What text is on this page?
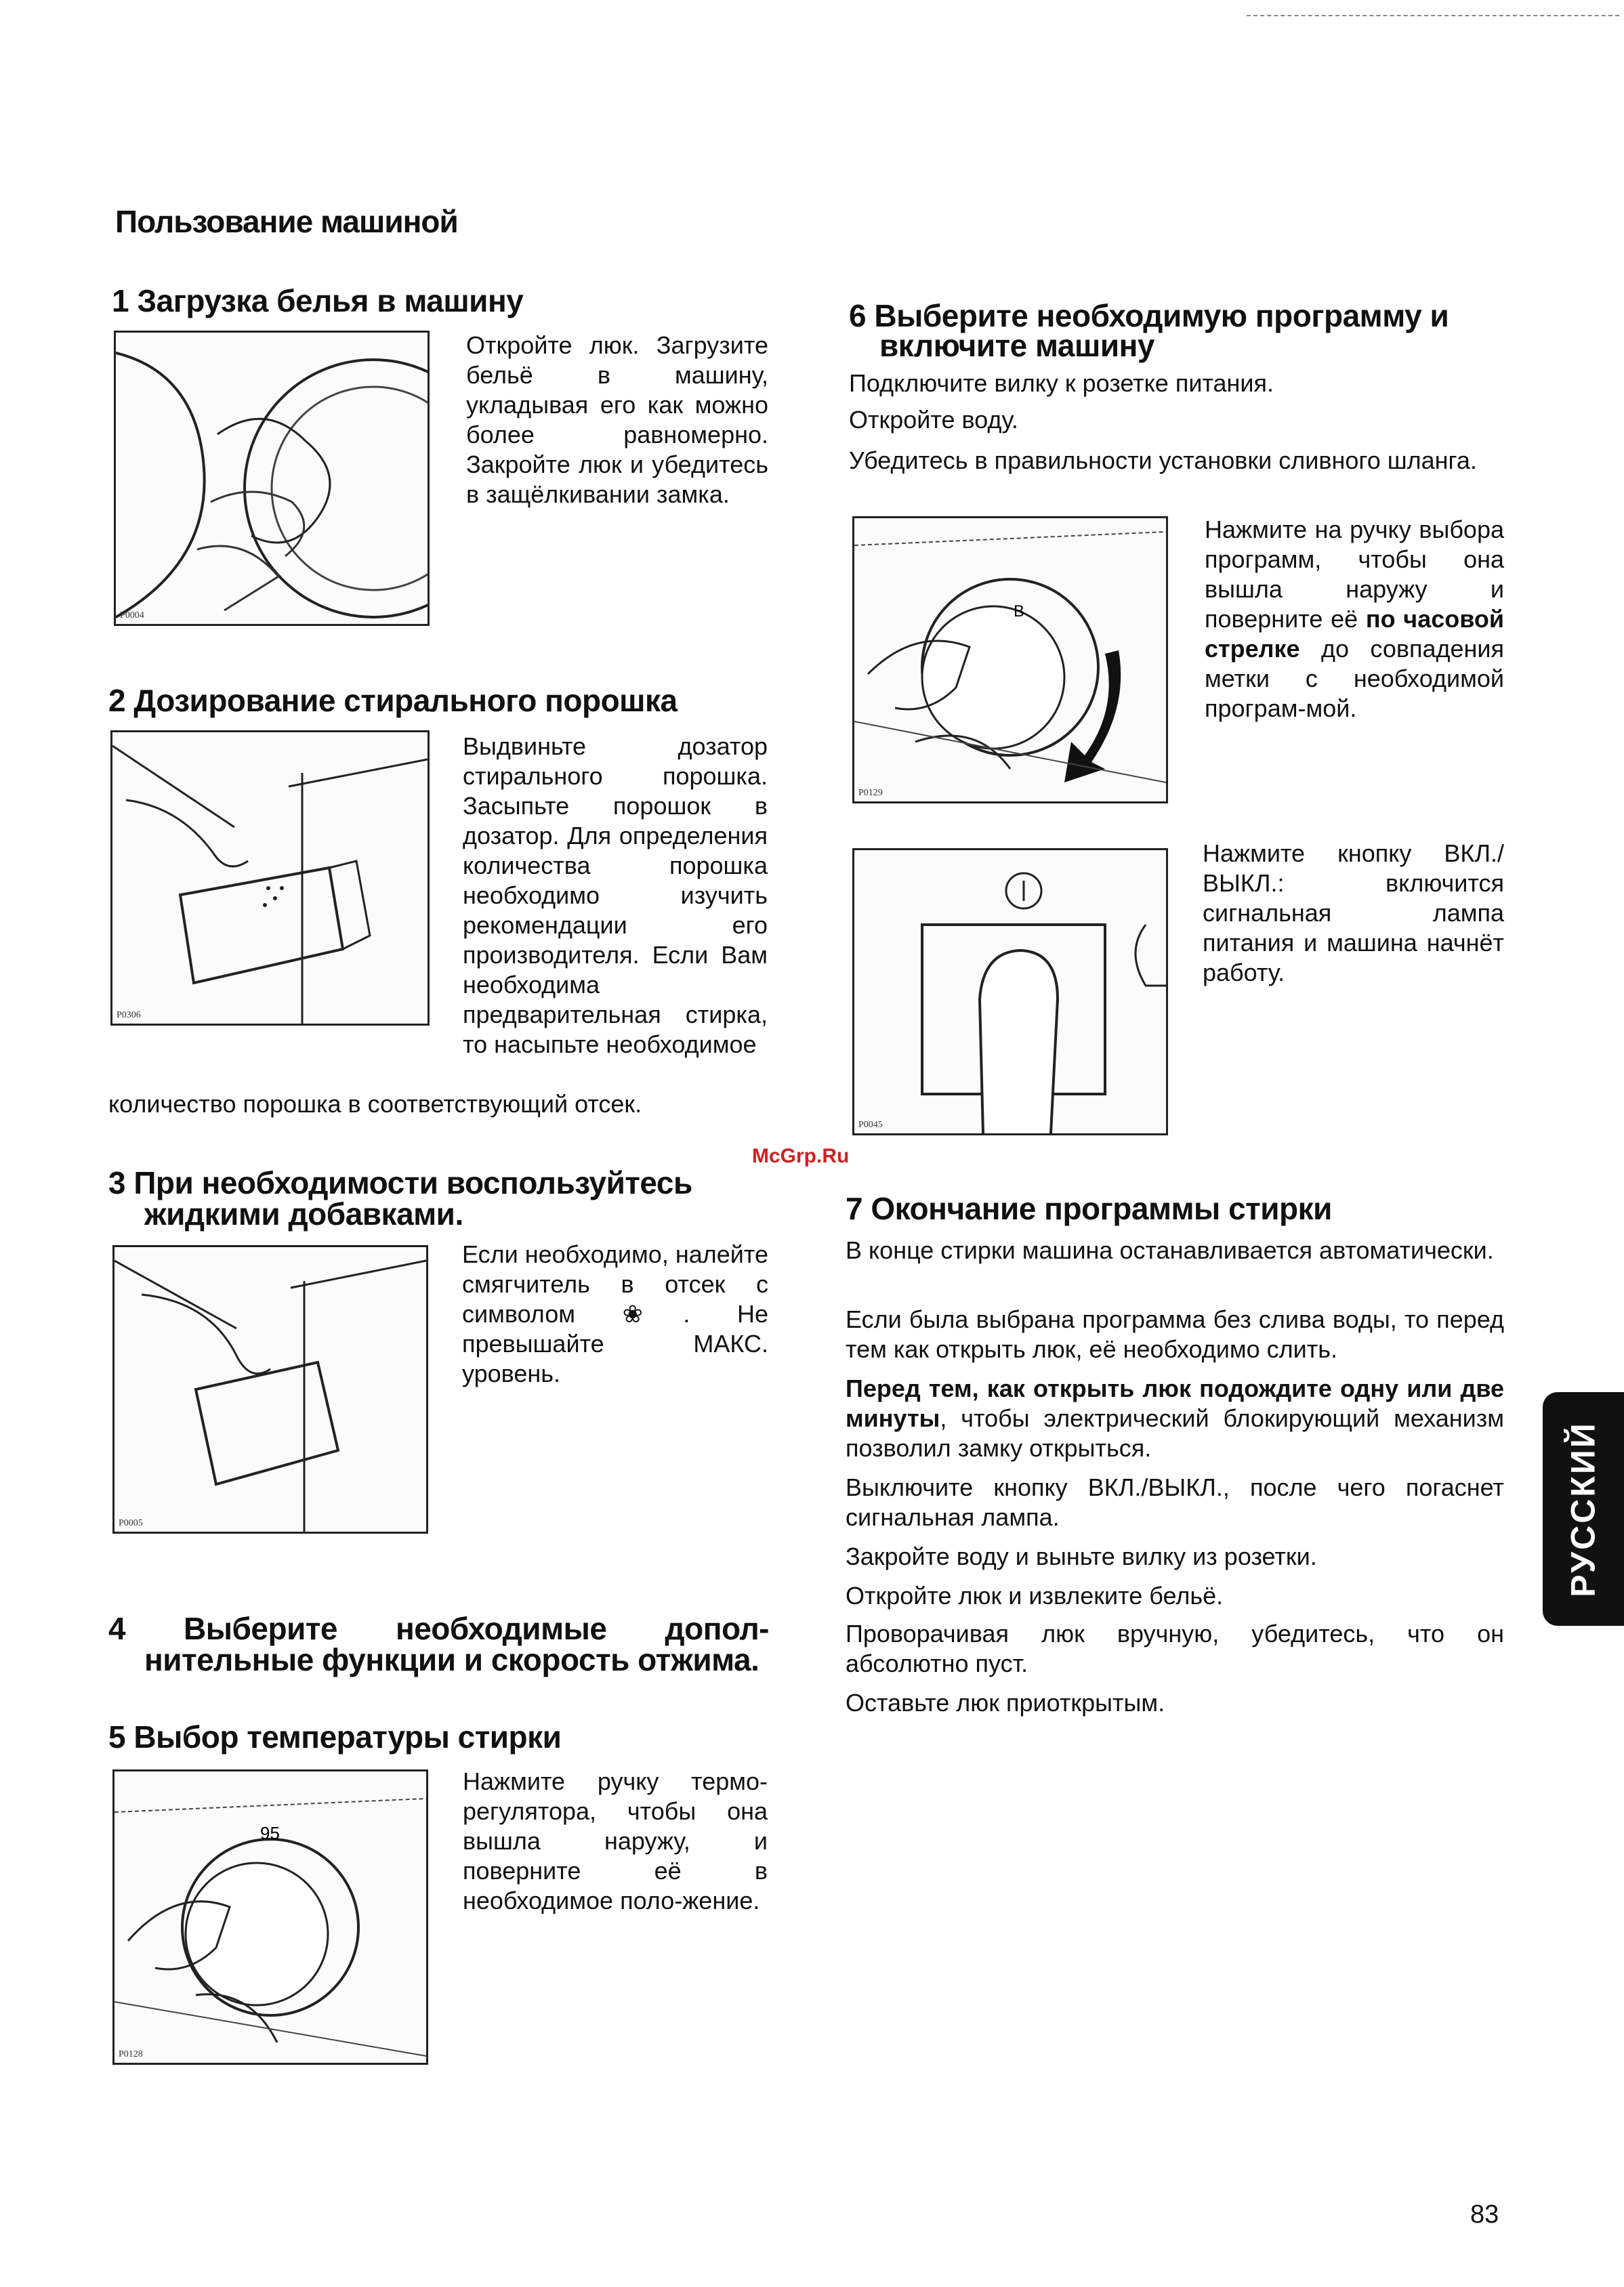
Пользование машиной
1 Загрузка белья в машину
P0004
Откройте люк. Загрузите бельё в машину, укладывая его как можно более равномерно. Закройте люк и убедитесь в защёлкивании замка.
2 Дозирование стирального порошка
P0306
Выдвиньте дозатор стирального порошка. Засыпьте порошок в дозатор. Для определения количества порошка необходимо изучить рекомендации его производителя. Если Вам необходима предварительная стирка, то насыпьте необходимое
количество порошка в соответствующий отсек.
McGrp.Ru
3 При необходимости воспользуйтесь
жидкими добавками.
P0005
Если необходимо, налейте смягчитель в отсек с символом ❀. Не превышайте МАКС. уровень.
4 Выберите необходимые допол-
нительные функции и скорость отжима.
5 Выбор температуры стирки
95
P0128
Нажмите ручку термо-регулятора, чтобы она вышла наружу, и поверните её в необходимое поло-жение.
6 Выберите необходимую программу и
включите машину
Подключите вилку к розетке питания.
Откройте воду.
Убедитесь в правильности установки сливного шланга.
B
P0129
Нажмите на ручку выбора программ, чтобы она вышла наружу и поверните её по часовой стрелке до совпадения метки с необходимой програм-мой.
P0045
Нажмите кнопку ВКЛ./ВЫКЛ.: включится сигнальная лампа питания и машина начнёт работу.
7 Окончание программы стирки
В конце стирки машина останавливается автоматически.
Если была выбрана программа без слива воды, то перед тем как открыть люк, её необходимо слить.
Перед тем, как открыть люк подождите одну или две минуты, чтобы электрический блокирующий механизм позволил замку открыться.
Выключите кнопку ВКЛ./ВЫКЛ., после чего погаснет сигнальная лампа.
Закройте воду и выньте вилку из розетки.
Откройте люк и извлеките бельё.
Проворачивая люк вручную, убедитесь, что он абсолютно пуст.
Оставьте люк приоткрытым.
РУССКИЙ
83
